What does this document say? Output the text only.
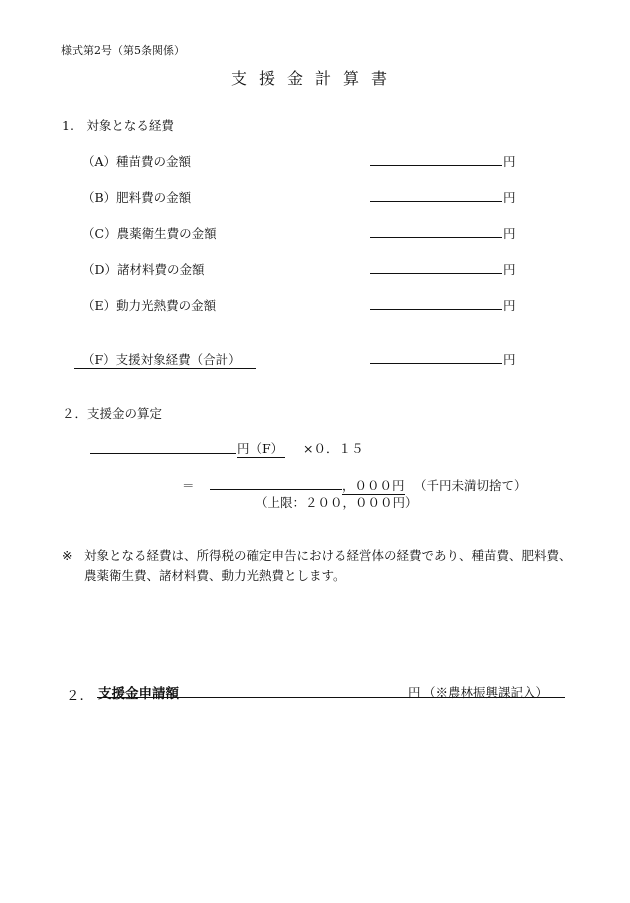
様式第2号（第5条関係）
支援金計算書
1.　対象となる経費
（A）種苗費の金額	円
（B）肥料費の金額	円
（C）農薬衛生費の金額	円
（D）諸材料費の金額	円
（E）動力光熱費の金額	円
（F）支援対象経費（合計）	円
２．支援金の算定
円（F） ×０．１５
＝	，０００円 （千円未満切捨て）
（上限：２００，０００円）
※ 対象となる経費は、所得税の確定申告における経営体の経費であり、種苗費、肥料費、
農薬衛生費、諸材料費、動力光熱費とします。
２． 支援金申請額	円 （※農林振興課記入）
